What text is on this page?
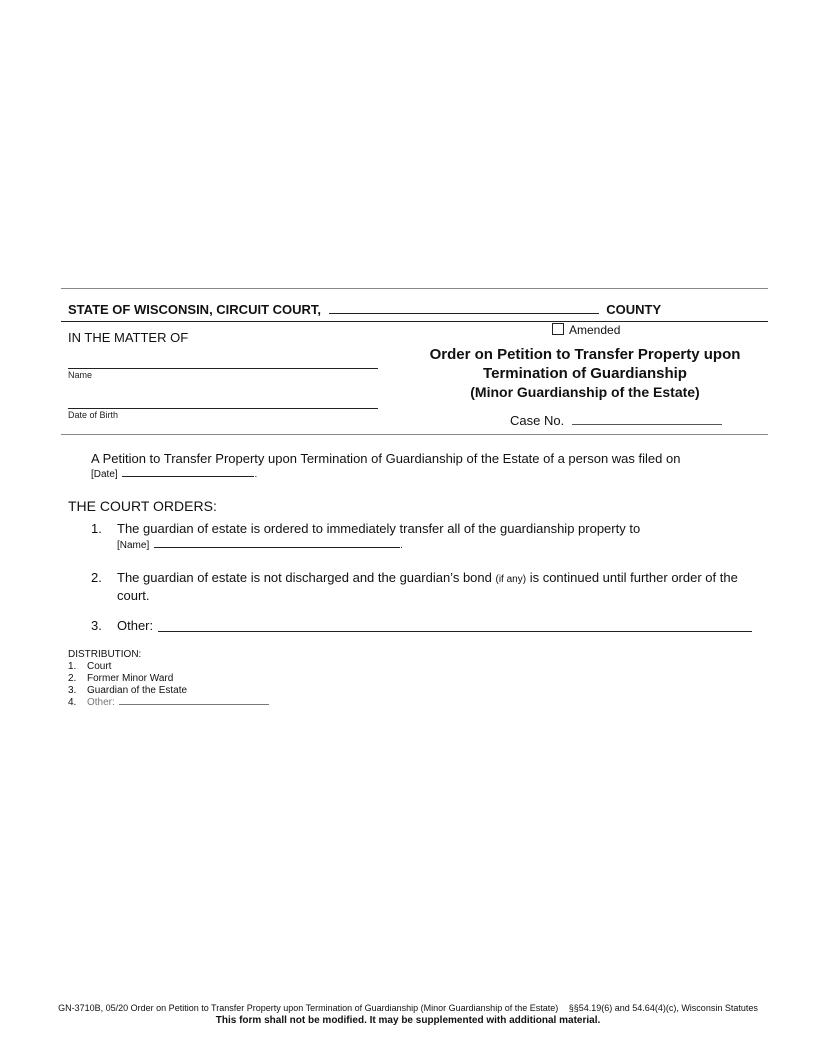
STATE OF WISCONSIN, CIRCUIT COURT,	COUNTY
IN THE MATTER OF
Name
Date of Birth
Amended
Order on Petition to Transfer Property upon
Termination of Guardianship
(Minor Guardianship of the Estate)
Case No.
A Petition to Transfer Property upon Termination of Guardianship of the Estate of a person was filed on
[Date]	.
THE COURT ORDERS:
1. The guardian of estate is ordered to immediately transfer all of the guardianship property to
[Name]	.
2. The guardian of estate is not discharged and the guardian’s bond (if any) is continued until further order of the court.
3. Other:
DISTRIBUTION:
1. Court
2. Former Minor Ward
3. Guardian of the Estate
4. Other:
GN-3710B, 05/20 Order on Petition to Transfer Property upon Termination of Guardianship (Minor Guardianship of the Estate) §§54.19(6) and 54.64(4)(c), Wisconsin Statutes
This form shall not be modified. It may be supplemented with additional material.
